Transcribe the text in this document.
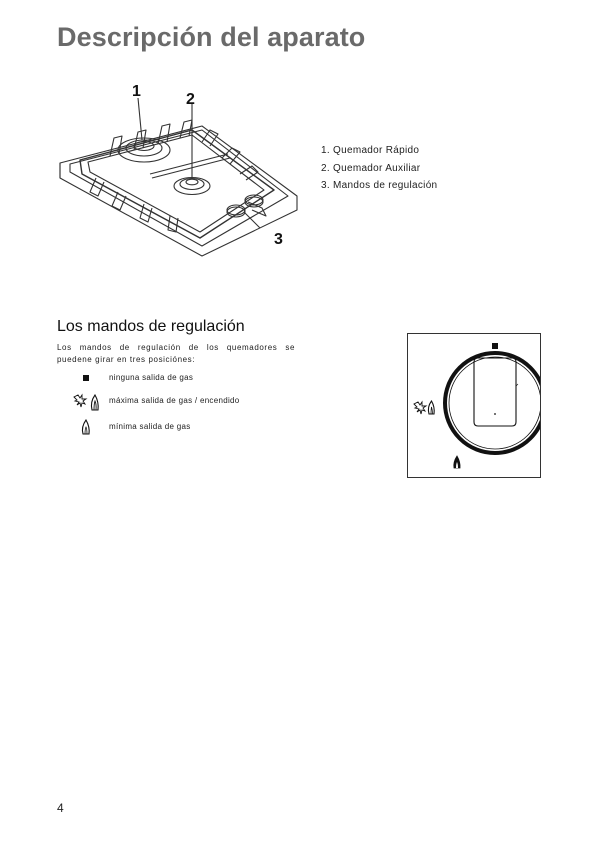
Descripción del aparato
1	2
3
1. Quemador Rápido
2. Quemador Auxiliar
3. Mandos de regulación
Los mandos de regulación

Los mandos de regulación de los quemadores se puedene girar en tres posiciónes:

ninguna salida de gas
máxima salida de gas / encendido
mínima salida de gas
4
